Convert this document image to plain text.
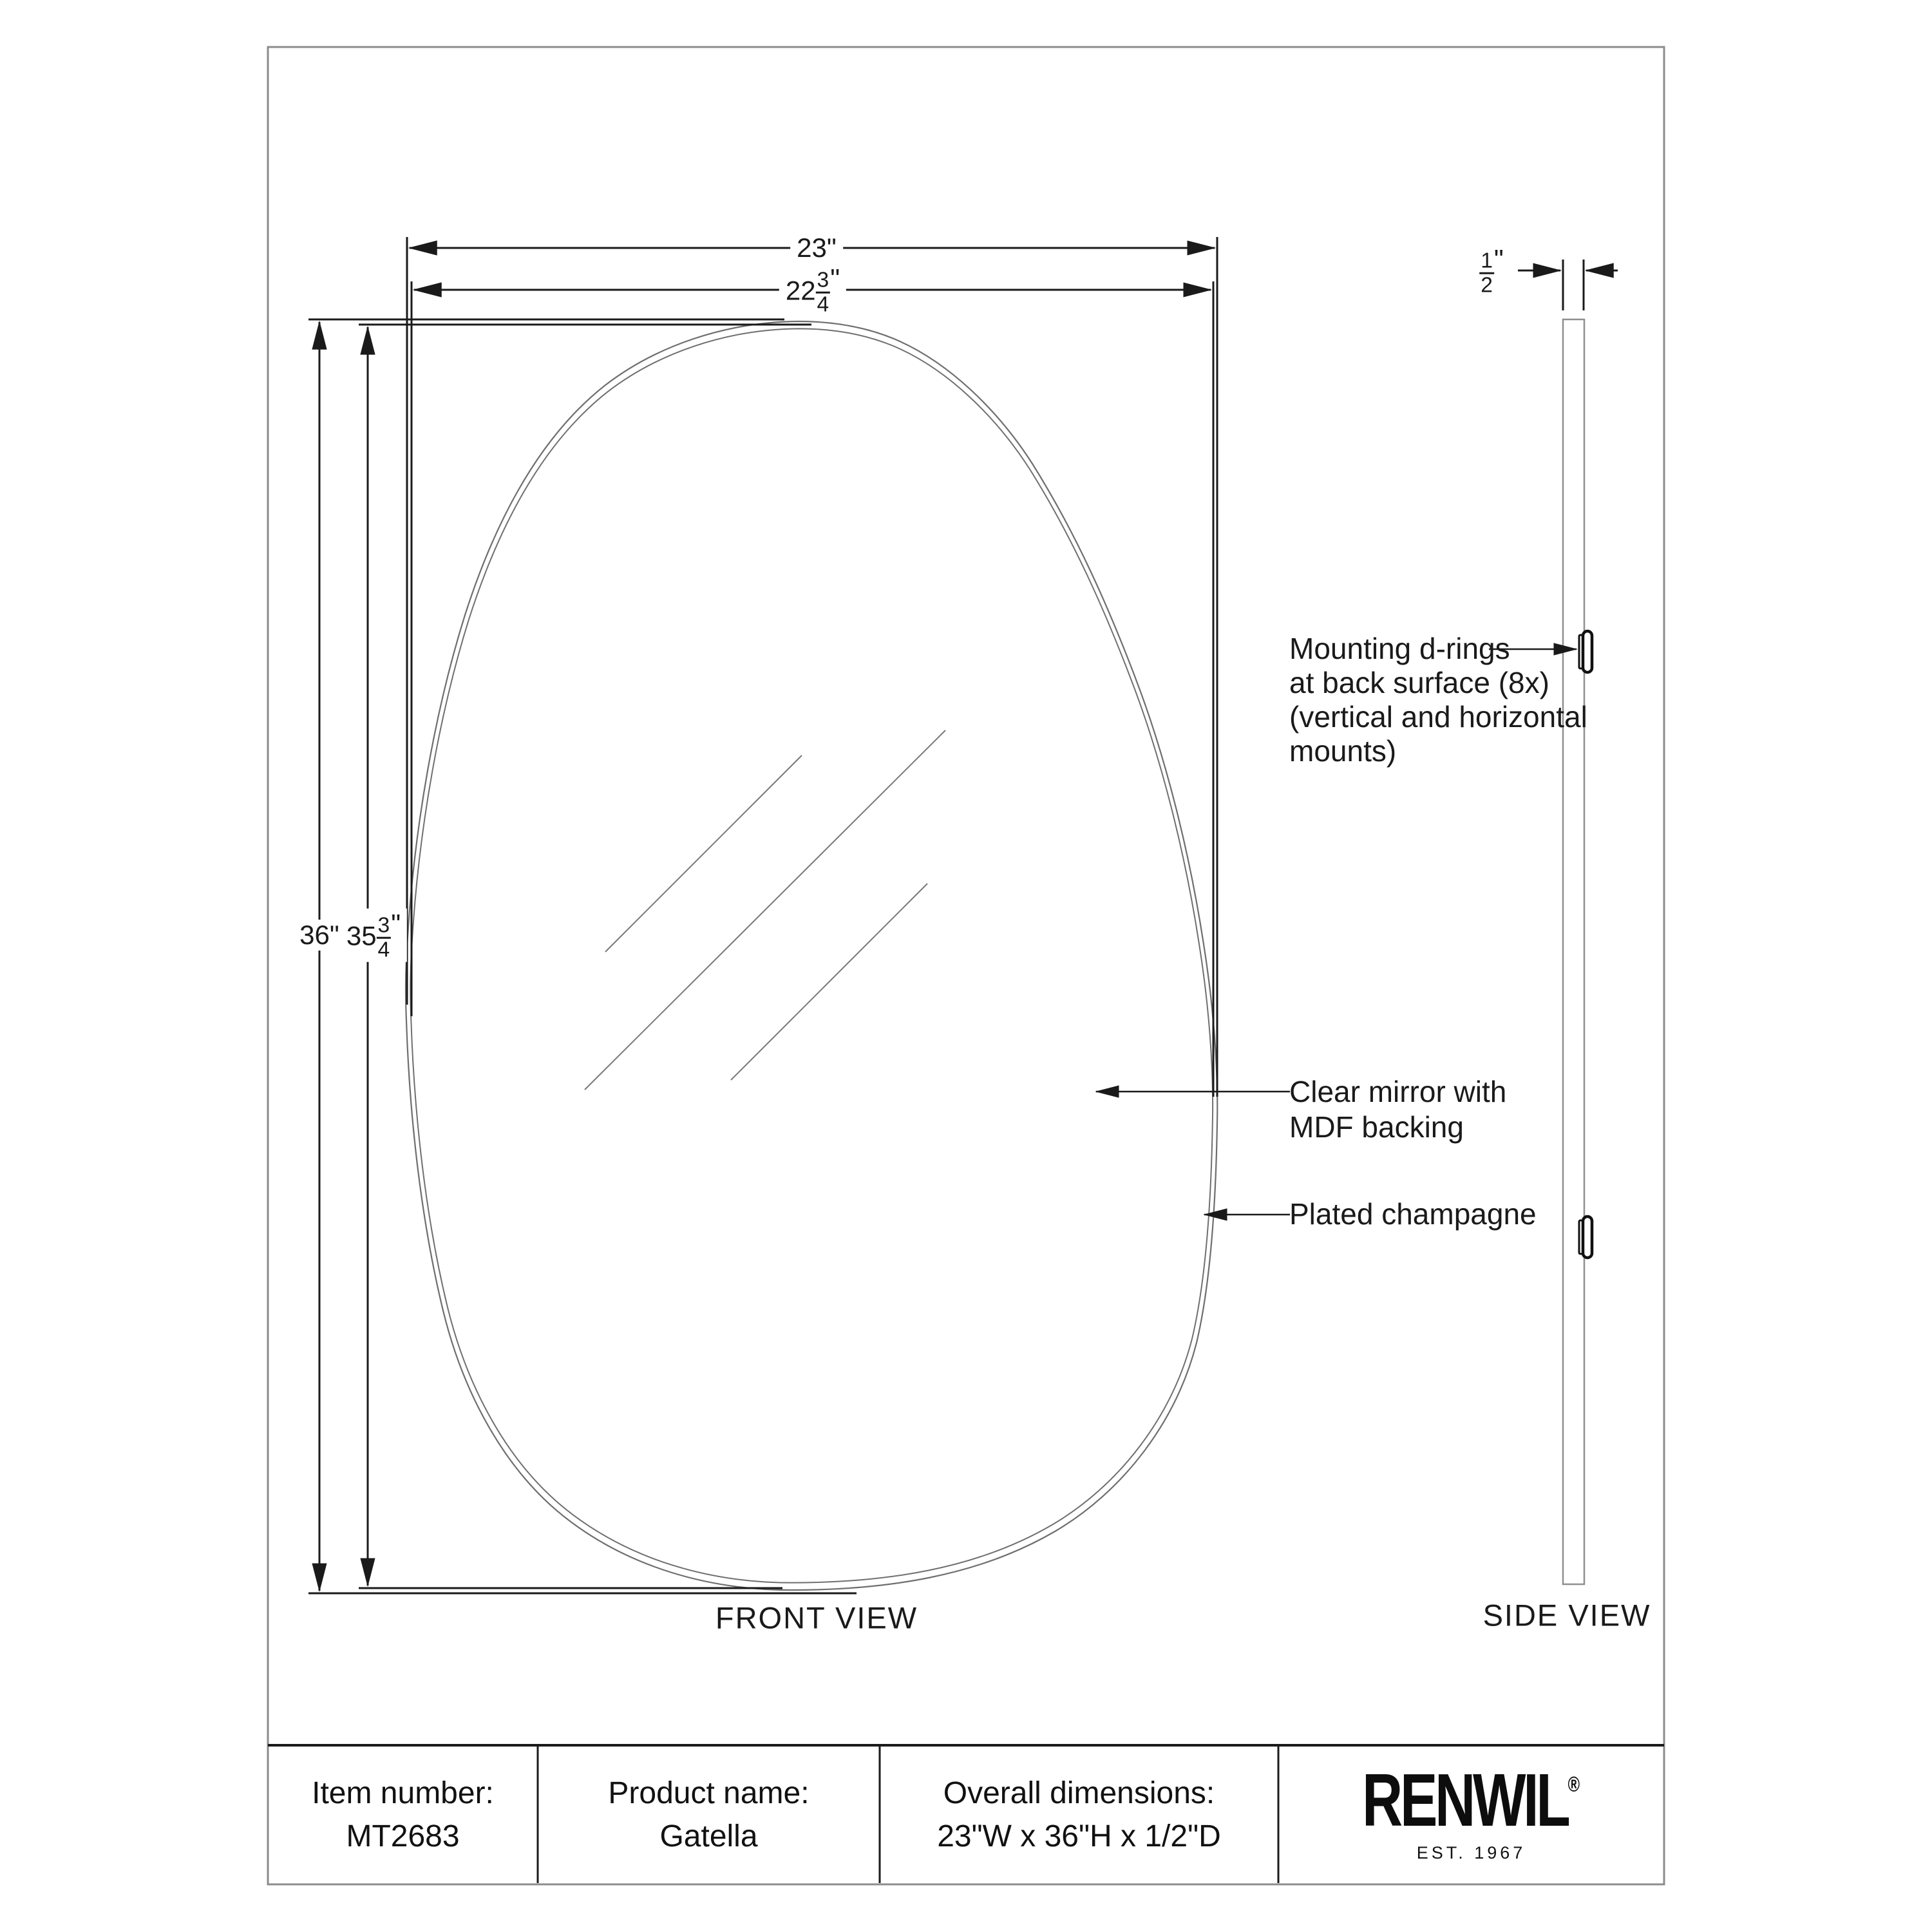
23"
$22 \frac{3}{4}$ "
36" $35 \frac{3}{4}$ "
$\frac{1}{2}$ "
Mounting d-rings
at back surface (8x)
(vertical and horizontal
mounts)
Clear mirror with
MDF backing
Plated champagne
FRONT VIEW	SIDE VIEW
Item number:
MT2683
Product name:
Gatella
Overall dimensions:
23"W x 36"H x 1/2"D RENWIL®
EST. 1967
